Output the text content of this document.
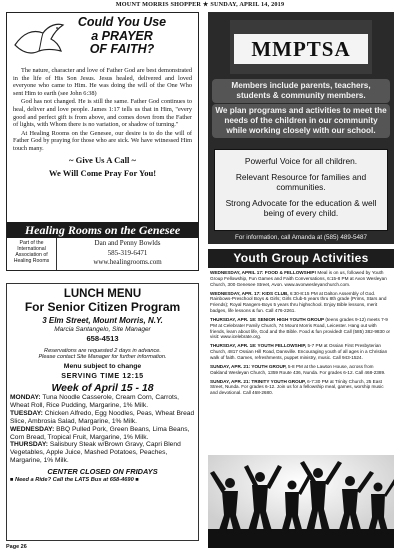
MOUNT MORRIS SHOPPER ★ SUNDAY, APRIL 14, 2019
Could You Use
a PRAYER
OF FAITH?

The nature, character and love of Father God are best demonstrated in the life of His Son Jesus. Jesus healed, delivered and loved everyone who came to Him. He was doing the will of the One Who sent Him to earth (see John 6:38)

God has not changed. He is still the same. Father God continues to heal, deliver and love people. James 1:17 tells us that in Him, "every good and perfect gift is from above, and comes down from the Father of lights, with Whom there is no variation, or shadow of turning."

At Healing Rooms on the Genesee, our desire is to do the will of Father God by praying for those who are sick. We have witnessed Him touch many.

~ Give Us A Call ~
We Will Come Pray For You!
Healing Rooms on the Genesee
Part of the International Association of Healing Rooms
Dan and Penny Bowlds
585-319-6471
www.healingrooms.com
MMPTSA
Members include parents, teachers, students & community members.
We plan programs and activities to meet the needs of the children in our community while working closely with our school.
Powerful Voice for all children.
Relevant Resource for families and communities.
Strong Advocate for the education & well being of every child.
For information, call Amanda at (585) 489-5487
Youth Group Activities
WEDNESDAY, APRIL 17: FOOD & FELLOWSHIP! Meal is on us, followed by Youth Group Fellowship, Fun Games and Faith Conversations, 6:15-8 PM at Avon Wesleyan Church, 300 Genesee Street, Avon. www.avonwesleyanchurch.com.
WEDNESDAY, APR. 17: KIDS CLUB, 6:30-8:15 PM at Dalton Assembly of God. Rainbows-Preschool Boys & Girls; Girls Club-5 years thru 8th grade (Prims, Stars and Friends); Royal Rangers-Boys 5 years thru highschool. Enjoy Bible lessons, merit badges, life lessons & fun. Call 476-2261.
THURSDAY, APR. 18: SENIOR HIGH YOUTH GROUP (teens grades 9-12) meets 7-9 PM at Celebrate! Family Church, 74 Mount Morris Road, Leicester. Hang out with friends, learn about life, God and the Bible. Food & fun provided! Call (585) 382-9830 or visit: www.icelebrate.org.
THURSDAY, APR. 18: YOUTH FELLOWSHIP, 5-7 PM at Ossian First Presbyterian Church, 4817 Ossian Hill Road, Dansville. Encouraging youth of all ages in a Christian walk of faith. Games, refreshments, puppet ministry, music. Call 943-1524.
SUNDAY, APR. 21: YOUTH GROUP, 5-8 PM at the Lawton House, across from Oakland Wesleyan Church, 1359 Route 436, Nunda. For grades 6-12. Call 468-2389.
SUNDAY, APR. 21: TRINITY YOUTH GROUP, 6-7:30 PM at Trinity Church, 25 East Street, Nunda. For grades 6-12. Join us for a fellowship meal, games, worship music and devotional. Call 468-2680.
LUNCH MENU
For Senior Citizen Program
3 Elm Street, Mount Morris, N.Y.
Marcia Santangelo, Site Manager
658-4513
Reservations are requested 2 days in advance.
Please contact Site Manager for further information.
Menu subject to change
SERVING TIME 12:15
Week of April 15 - 18
MONDAY: Tuna Noodle Casserole, Cream Corn, Carrots, Wheat Roll, Rice Pudding, Margarine, 1% Milk.
TUESDAY: Chicken Alfredo, Egg Noodles, Peas, Wheat Bread Slice, Ambrosia Salad, Margarine, 1% Milk.
WEDNESDAY: BBQ Pulled Pork, Green Beans, Lima Beans, Corn Bread, Tropical Fruit, Margarine, 1% Milk.
THURSDAY: Salisbury Steak w/Brown Gravy, Capri Blend Vegetables, Apple Juice, Mashed Potatoes, Peaches, Margarine, 1% Milk.
CENTER CLOSED ON FRIDAYS
■ Need a Ride? Call the LATS Bus at 658-4690 ■
Page 26
